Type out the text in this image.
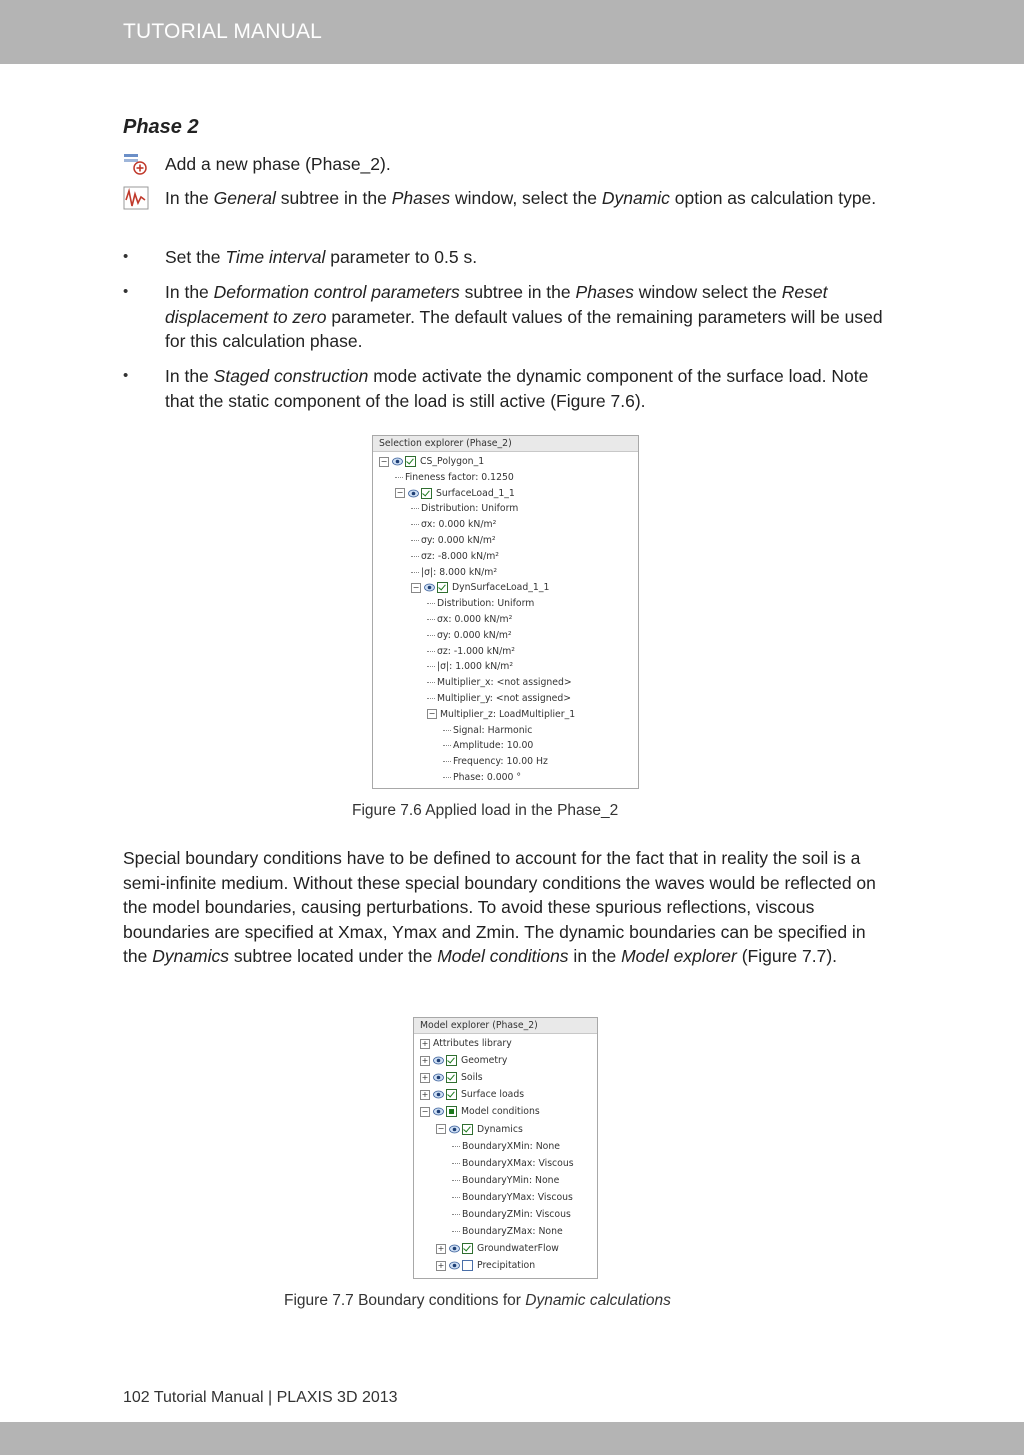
TUTORIAL MANUAL
Phase 2
Add a new phase (Phase_2).
In the General subtree in the Phases window, select the Dynamic option as calculation type.
•	Set the Time interval parameter to 0.5 s.
•	In the Deformation control parameters subtree in the Phases window select the Reset displacement to zero parameter. The default values of the remaining parameters will be used for this calculation phase.
•	In the Staged construction mode activate the dynamic component of the surface load. Note that the static component of the load is still active (Figure 7.6).
Selection explorer (Phase_2)
−	CS_Polygon_1
Fineness factor: 0.1250
−	SurfaceLoad_1_1
Distribution: Uniform
σx: 0.000 kN/m²
σy: 0.000 kN/m²
σz: -8.000 kN/m²
|σ|: 8.000 kN/m²
−	DynSurfaceLoad_1_1
Distribution: Uniform
σx: 0.000 kN/m²
σy: 0.000 kN/m²
σz: -1.000 kN/m²
|σ|: 1.000 kN/m²
Multiplier_x: <not assigned>
Multiplier_y: <not assigned>
− Multiplier_z: LoadMultiplier_1
Signal: Harmonic
Amplitude: 10.00
Frequency: 10.00 Hz
Phase: 0.000 °
Figure 7.6 Applied load in the Phase_2
Special boundary conditions have to be defined to account for the fact that in reality the soil is a semi-infinite medium. Without these special boundary conditions the waves would be reflected on the model boundaries, causing perturbations. To avoid these spurious reflections, viscous boundaries are specified at Xmax, Ymax and Zmin. The dynamic boundaries can be specified in the Dynamics subtree located under the Model conditions in the Model explorer (Figure 7.7).
Model explorer (Phase_2)
+ Attributes library
+	Geometry
+	Soils
+	Surface loads
−	Model conditions
−	Dynamics
BoundaryXMin: None
BoundaryXMax: Viscous
BoundaryYMin: None
BoundaryYMax: Viscous
BoundaryZMin: Viscous
BoundaryZMax: None
+	GroundwaterFlow
+	Precipitation
Figure 7.7 Boundary conditions for Dynamic calculations
102 Tutorial Manual | PLAXIS 3D 2013
